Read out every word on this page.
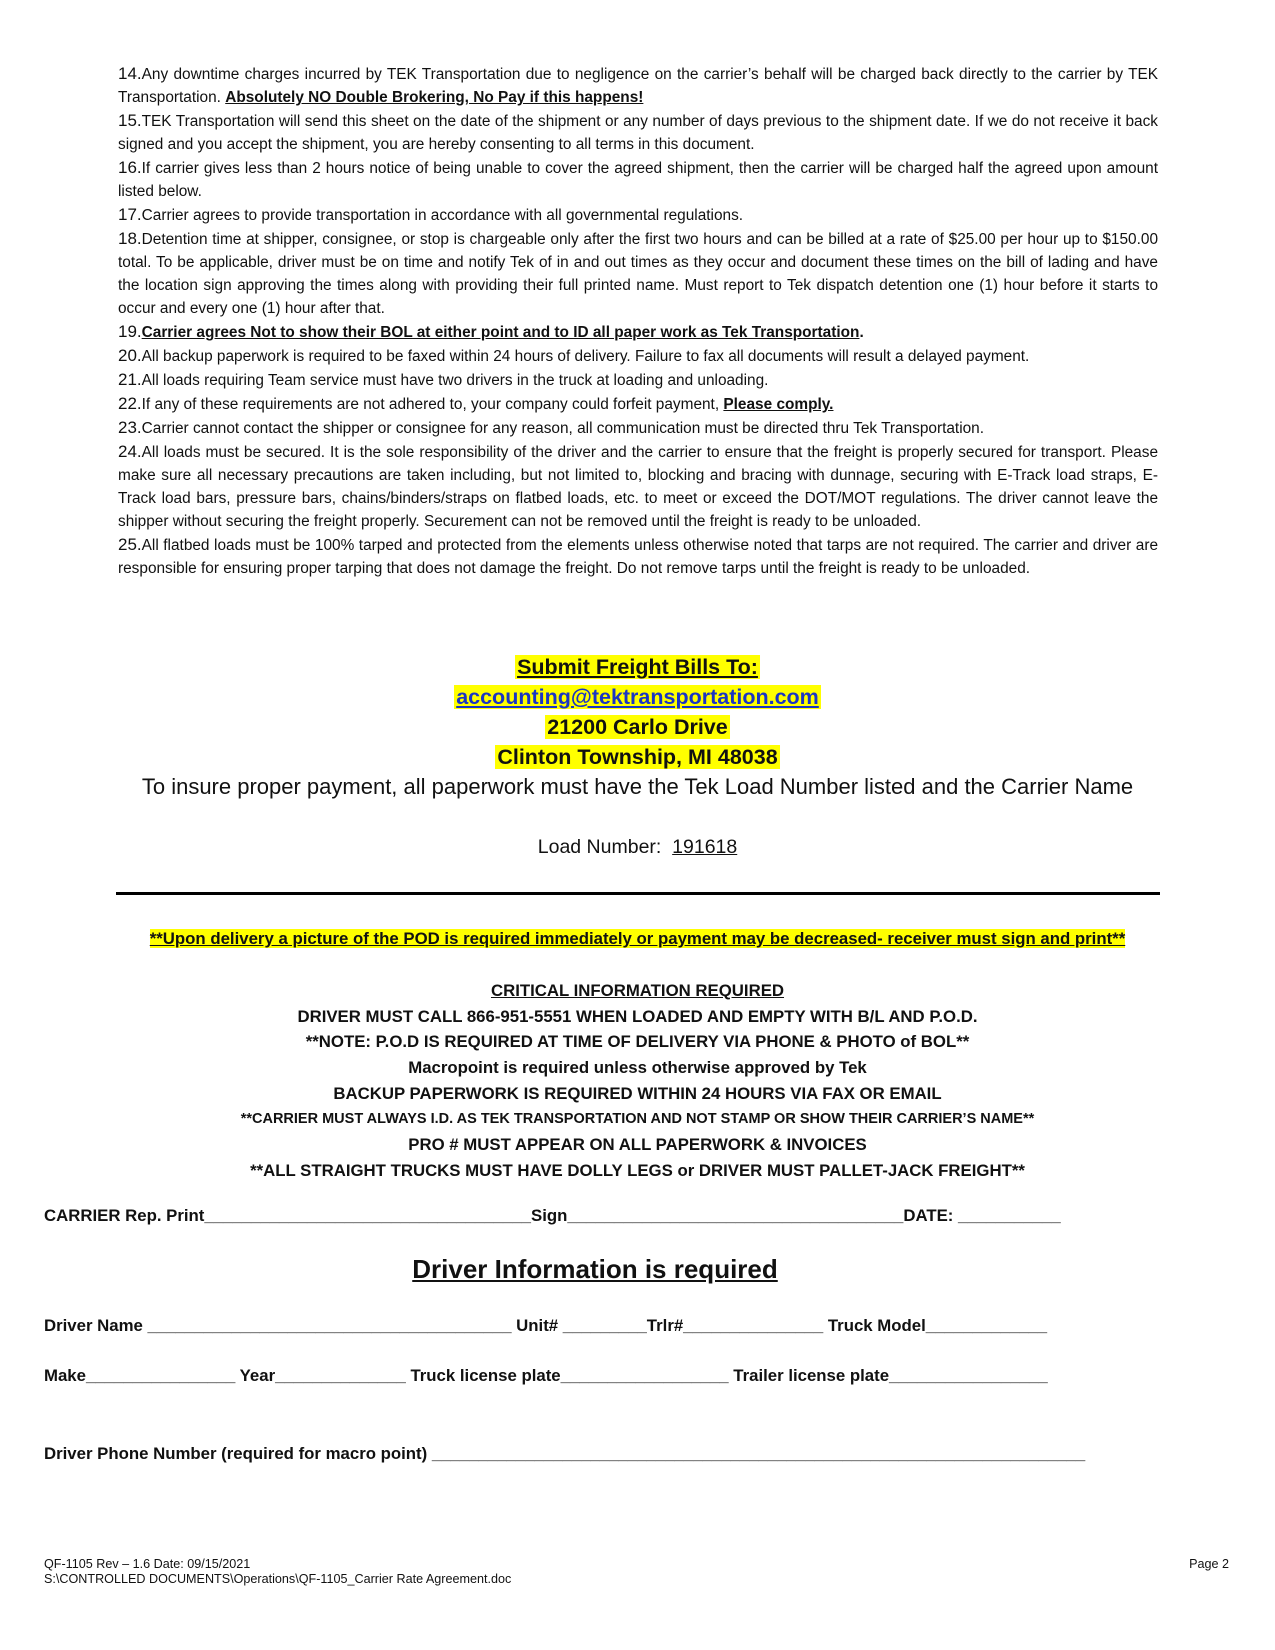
14.Any downtime charges incurred by TEK Transportation due to negligence on the carrier’s behalf will be charged back directly to the carrier by TEK Transportation. Absolutely NO Double Brokering, No Pay if this happens!

15.TEK Transportation will send this sheet on the date of the shipment or any number of days previous to the shipment date. If we do not receive it back signed and you accept the shipment, you are hereby consenting to all terms in this document.

16.If carrier gives less than 2 hours notice of being unable to cover the agreed shipment, then the carrier will be charged half the agreed upon amount listed below.

17.Carrier agrees to provide transportation in accordance with all governmental regulations.

18.Detention time at shipper, consignee, or stop is chargeable only after the first two hours and can be billed at a rate of $25.00 per hour up to $150.00 total. To be applicable, driver must be on time and notify Tek of in and out times as they occur and document these times on the bill of lading and have the location sign approving the times along with providing their full printed name. Must report to Tek dispatch detention one (1) hour before it starts to occur and every one (1) hour after that.

19.Carrier agrees Not to show their BOL at either point and to ID all paper work as Tek Transportation.

20.All backup paperwork is required to be faxed within 24 hours of delivery. Failure to fax all documents will result a delayed payment.

21.All loads requiring Team service must have two drivers in the truck at loading and unloading.

22.If any of these requirements are not adhered to, your company could forfeit payment, Please comply.

23.Carrier cannot contact the shipper or consignee for any reason, all communication must be directed thru Tek Transportation.

24.All loads must be secured. It is the sole responsibility of the driver and the carrier to ensure that the freight is properly secured for transport. Please make sure all necessary precautions are taken including, but not limited to, blocking and bracing with dunnage, securing with E-Track load straps, E-Track load bars, pressure bars, chains/binders/straps on flatbed loads, etc. to meet or exceed the DOT/MOT regulations. The driver cannot leave the shipper without securing the freight properly. Securement can not be removed until the freight is ready to be unloaded.

25.All flatbed loads must be 100% tarped and protected from the elements unless otherwise noted that tarps are not required. The carrier and driver are responsible for ensuring proper tarping that does not damage the freight. Do not remove tarps until the freight is ready to be unloaded.

Submit Freight Bills To:
accounting@tektransportation.com
21200 Carlo Drive
Clinton Township, MI 48038
To insure proper payment, all paperwork must have the Tek Load Number listed and the Carrier Name
Load Number:  191618
**Upon delivery a picture of the POD is required immediately or payment may be decreased- receiver must sign and print**
CRITICAL INFORMATION REQUIRED
DRIVER MUST CALL 866-951-5551 WHEN LOADED AND EMPTY WITH B/L AND P.O.D.
**NOTE: P.O.D IS REQUIRED AT TIME OF DELIVERY VIA PHONE & PHOTO of BOL**
Macropoint is required unless otherwise approved by Tek
BACKUP PAPERWORK IS REQUIRED WITHIN 24 HOURS VIA FAX OR EMAIL
**CARRIER MUST ALWAYS I.D. AS TEK TRANSPORTATION AND NOT STAMP OR SHOW THEIR CARRIER’S NAME**
PRO # MUST APPEAR ON ALL PAPERWORK & INVOICES
**ALL STRAIGHT TRUCKS MUST HAVE DOLLY LEGS or DRIVER MUST PALLET-JACK FREIGHT**
CARRIER Rep. Print___________________________________Sign____________________________________DATE: ___________
Driver Information is required
Driver Name _______________________________________ Unit# _________Trlr#_______________ Truck Model_____________
Make________________ Year______________ Truck license plate__________________ Trailer license plate_________________
Driver Phone Number (required for macro point) ______________________________________________________________________
QF-1105 Rev – 1.6 Date: 09/15/2021
S:\CONTROLLED DOCUMENTS\Operations\QF-1105_Carrier Rate Agreement.doc
Page 2
